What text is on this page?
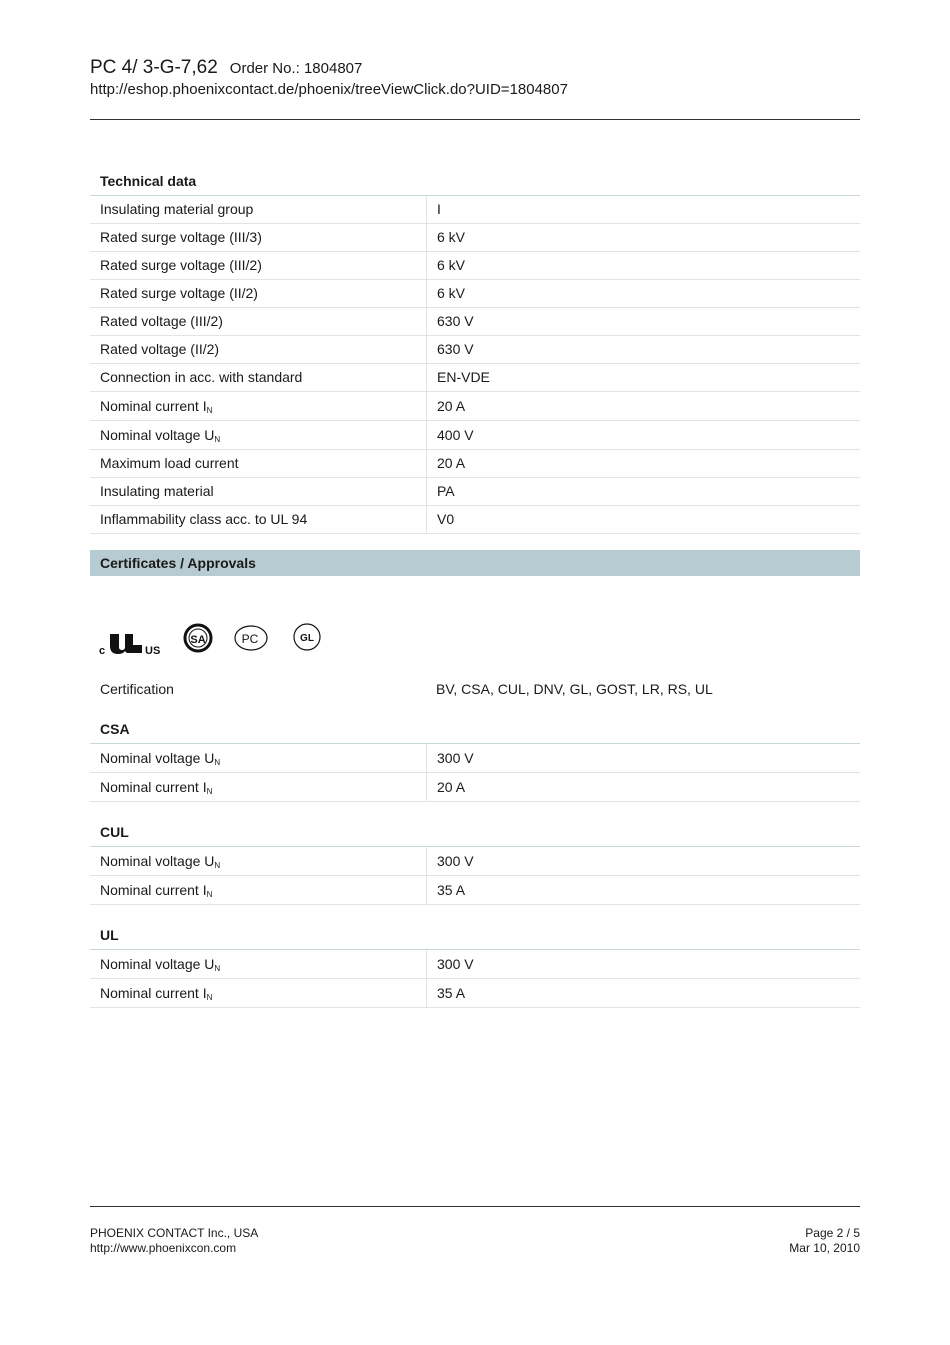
PC 4/ 3-G-7,62 Order No.: 1804807
http://eshop.phoenixcontact.de/phoenix/treeViewClick.do?UID=1804807
Technical data
Insulating material group	I
Rated surge voltage (III/3)	6 kV
Rated surge voltage (III/2)	6 kV
Rated surge voltage (II/2)	6 kV
Rated voltage (III/2)	630 V
Rated voltage (II/2)	630 V
Connection in acc. with standard	EN-VDE
Nominal current $I_N$	20 A
Nominal voltage $U_N$	400 V
Maximum load current	20 A
Insulating material	PA
Inflammability class acc. to UL 94	V0
Certificates / Approvals
c	US
SA	PC	GL
Certification	BV, CSA, CUL, DNV, GL, GOST, LR, RS, UL
CSA
Nominal voltage $U_N$	300 V
Nominal current $I_N$	20 A
CUL
Nominal voltage $U_N$	300 V
Nominal current $I_N$	35 A
UL
Nominal voltage $U_N$	300 V
Nominal current $I_N$	35 A
PHOENIX CONTACT Inc., USA
http://www.phoenixcon.com
Page 2 / 5
Mar 10, 2010
